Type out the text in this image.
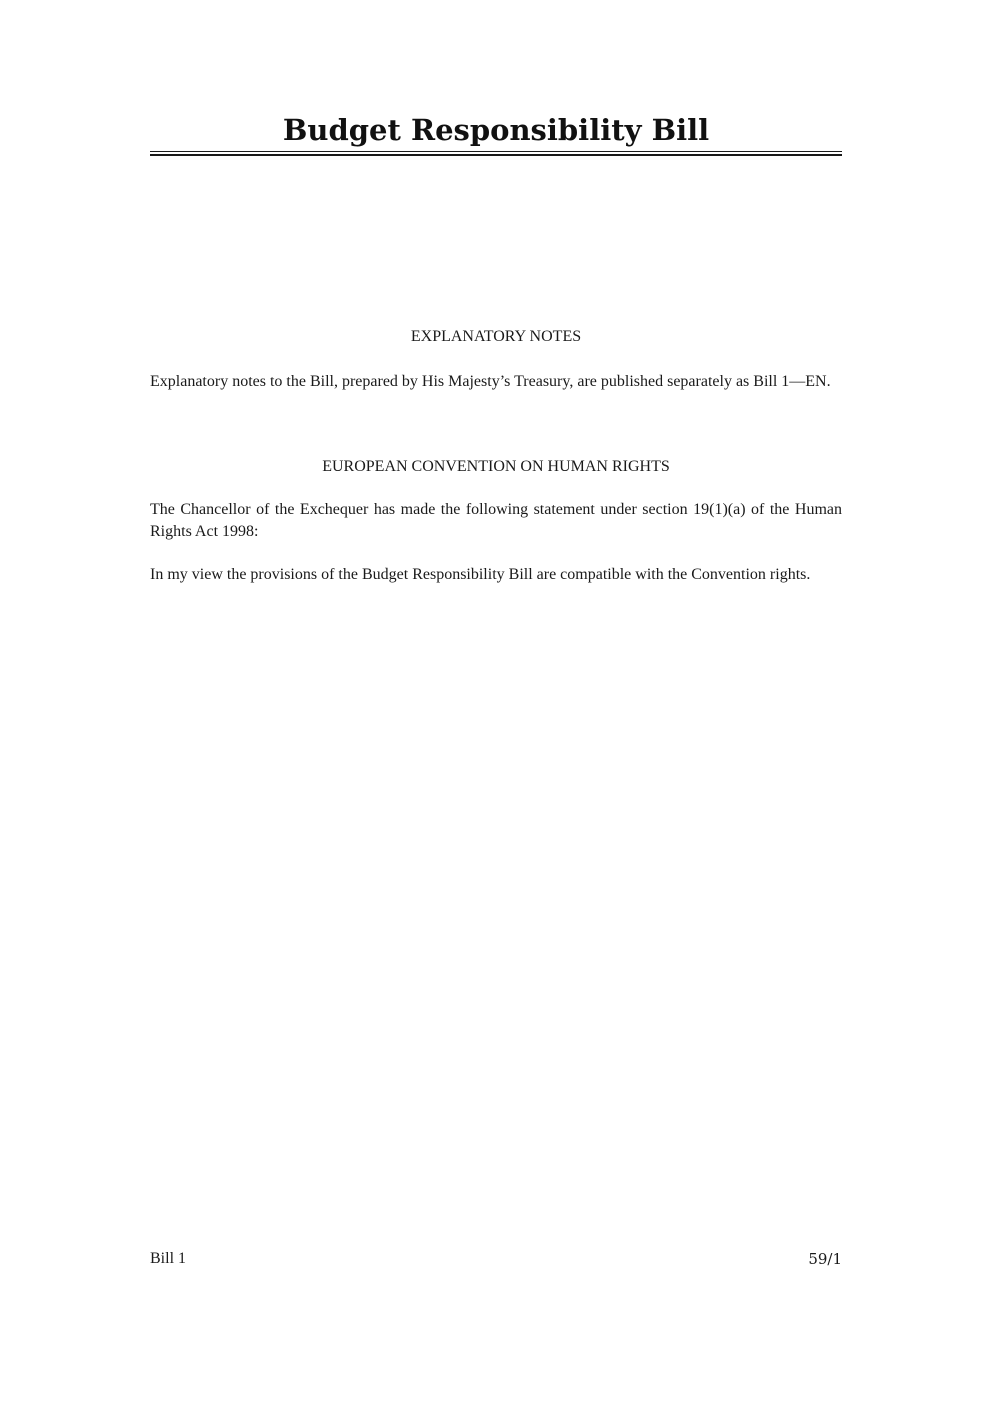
Budget Responsibility Bill
EXPLANATORY NOTES

Explanatory notes to the Bill, prepared by His Majesty’s Treasury, are published separately as Bill 1—EN.

EUROPEAN CONVENTION ON HUMAN RIGHTS

The Chancellor of the Exchequer has made the following statement under section 19(1)(a) of the Human Rights Act 1998:

In my view the provisions of the Budget Responsibility Bill are compatible with the Convention rights.

Bill 1	59/1
